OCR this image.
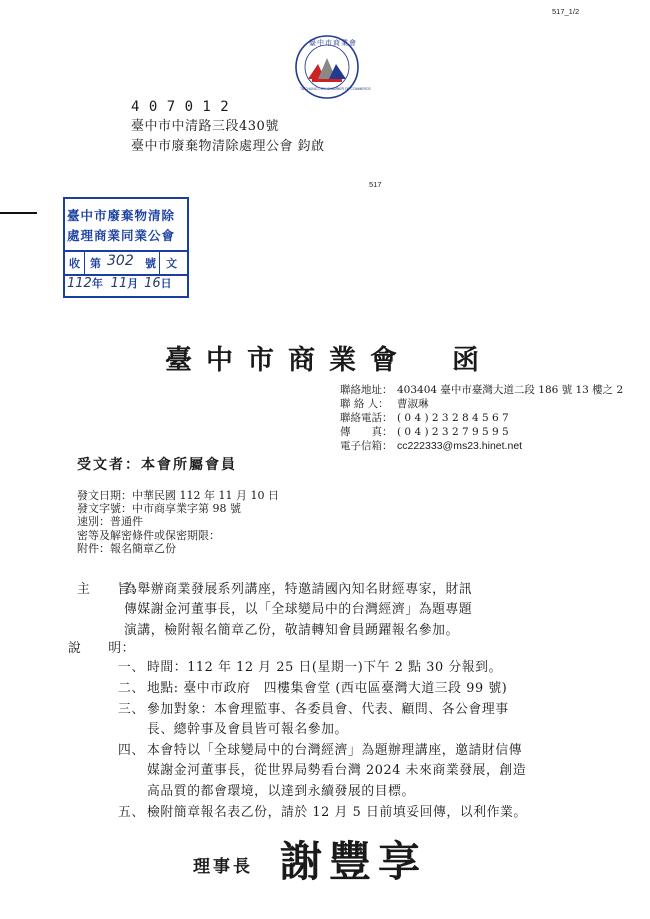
517_1/2
臺中市商業會
TAICHUNG CITY CHAMBER OF COMMERCE
4 0 7 0 1 2
臺中市中清路三段430號
臺中市廢棄物清除處理公會 鈞啟
517
臺中市廢棄物清除
處理商業同業公會
收 第 302 號 文
112年 11月 16日
臺中市商業會　函
聯絡地址： 403404 臺中市臺灣大道二段 186 號 13 樓之 2
聯 絡 人： 曹淑琳
聯絡電話： ( 0 4 ) 2 3 2 8 4 5 6 7
傳　　真： ( 0 4 ) 2 3 2 7 9 5 9 5
電子信箱： cc222333@ms23.hinet.net
受文者：本會所屬會員
發文日期：中華民國 112 年 11 月 10 日
發文字號：中市商享業字第 98 號
速別：普通件
密等及解密條件或保密期限：
附件：報名簡章乙份
主　　旨：
為舉辦商業發展系列講座，特邀請國內知名財經專家，財訊
傳媒謝金河董事長，以「全球變局中的台灣經濟」為題專題
演講，檢附報名簡章乙份，敬請轉知會員踴躍報名參加。
說　　明：
一、 時間：112 年 12 月 25 日(星期一)下午 2 點 30 分報到。
二、 地點: 臺中市政府　四樓集會堂 (西屯區臺灣大道三段 99 號)
三、 參加對象：本會理監事、各委員會、代表、顧問、各公會理事
長、總幹事及會員皆可報名參加。
四、 本會特以「全球變局中的台灣經濟」為題辦理講座，邀請財信傳
媒謝金河董事長，從世界局勢看台灣 2024 未來商業發展，創造
高品質的都會環境，以達到永續發展的目標。
五、 檢附簡章報名表乙份，請於 12 月 5 日前填妥回傳，以利作業。
理事長 謝豐享
